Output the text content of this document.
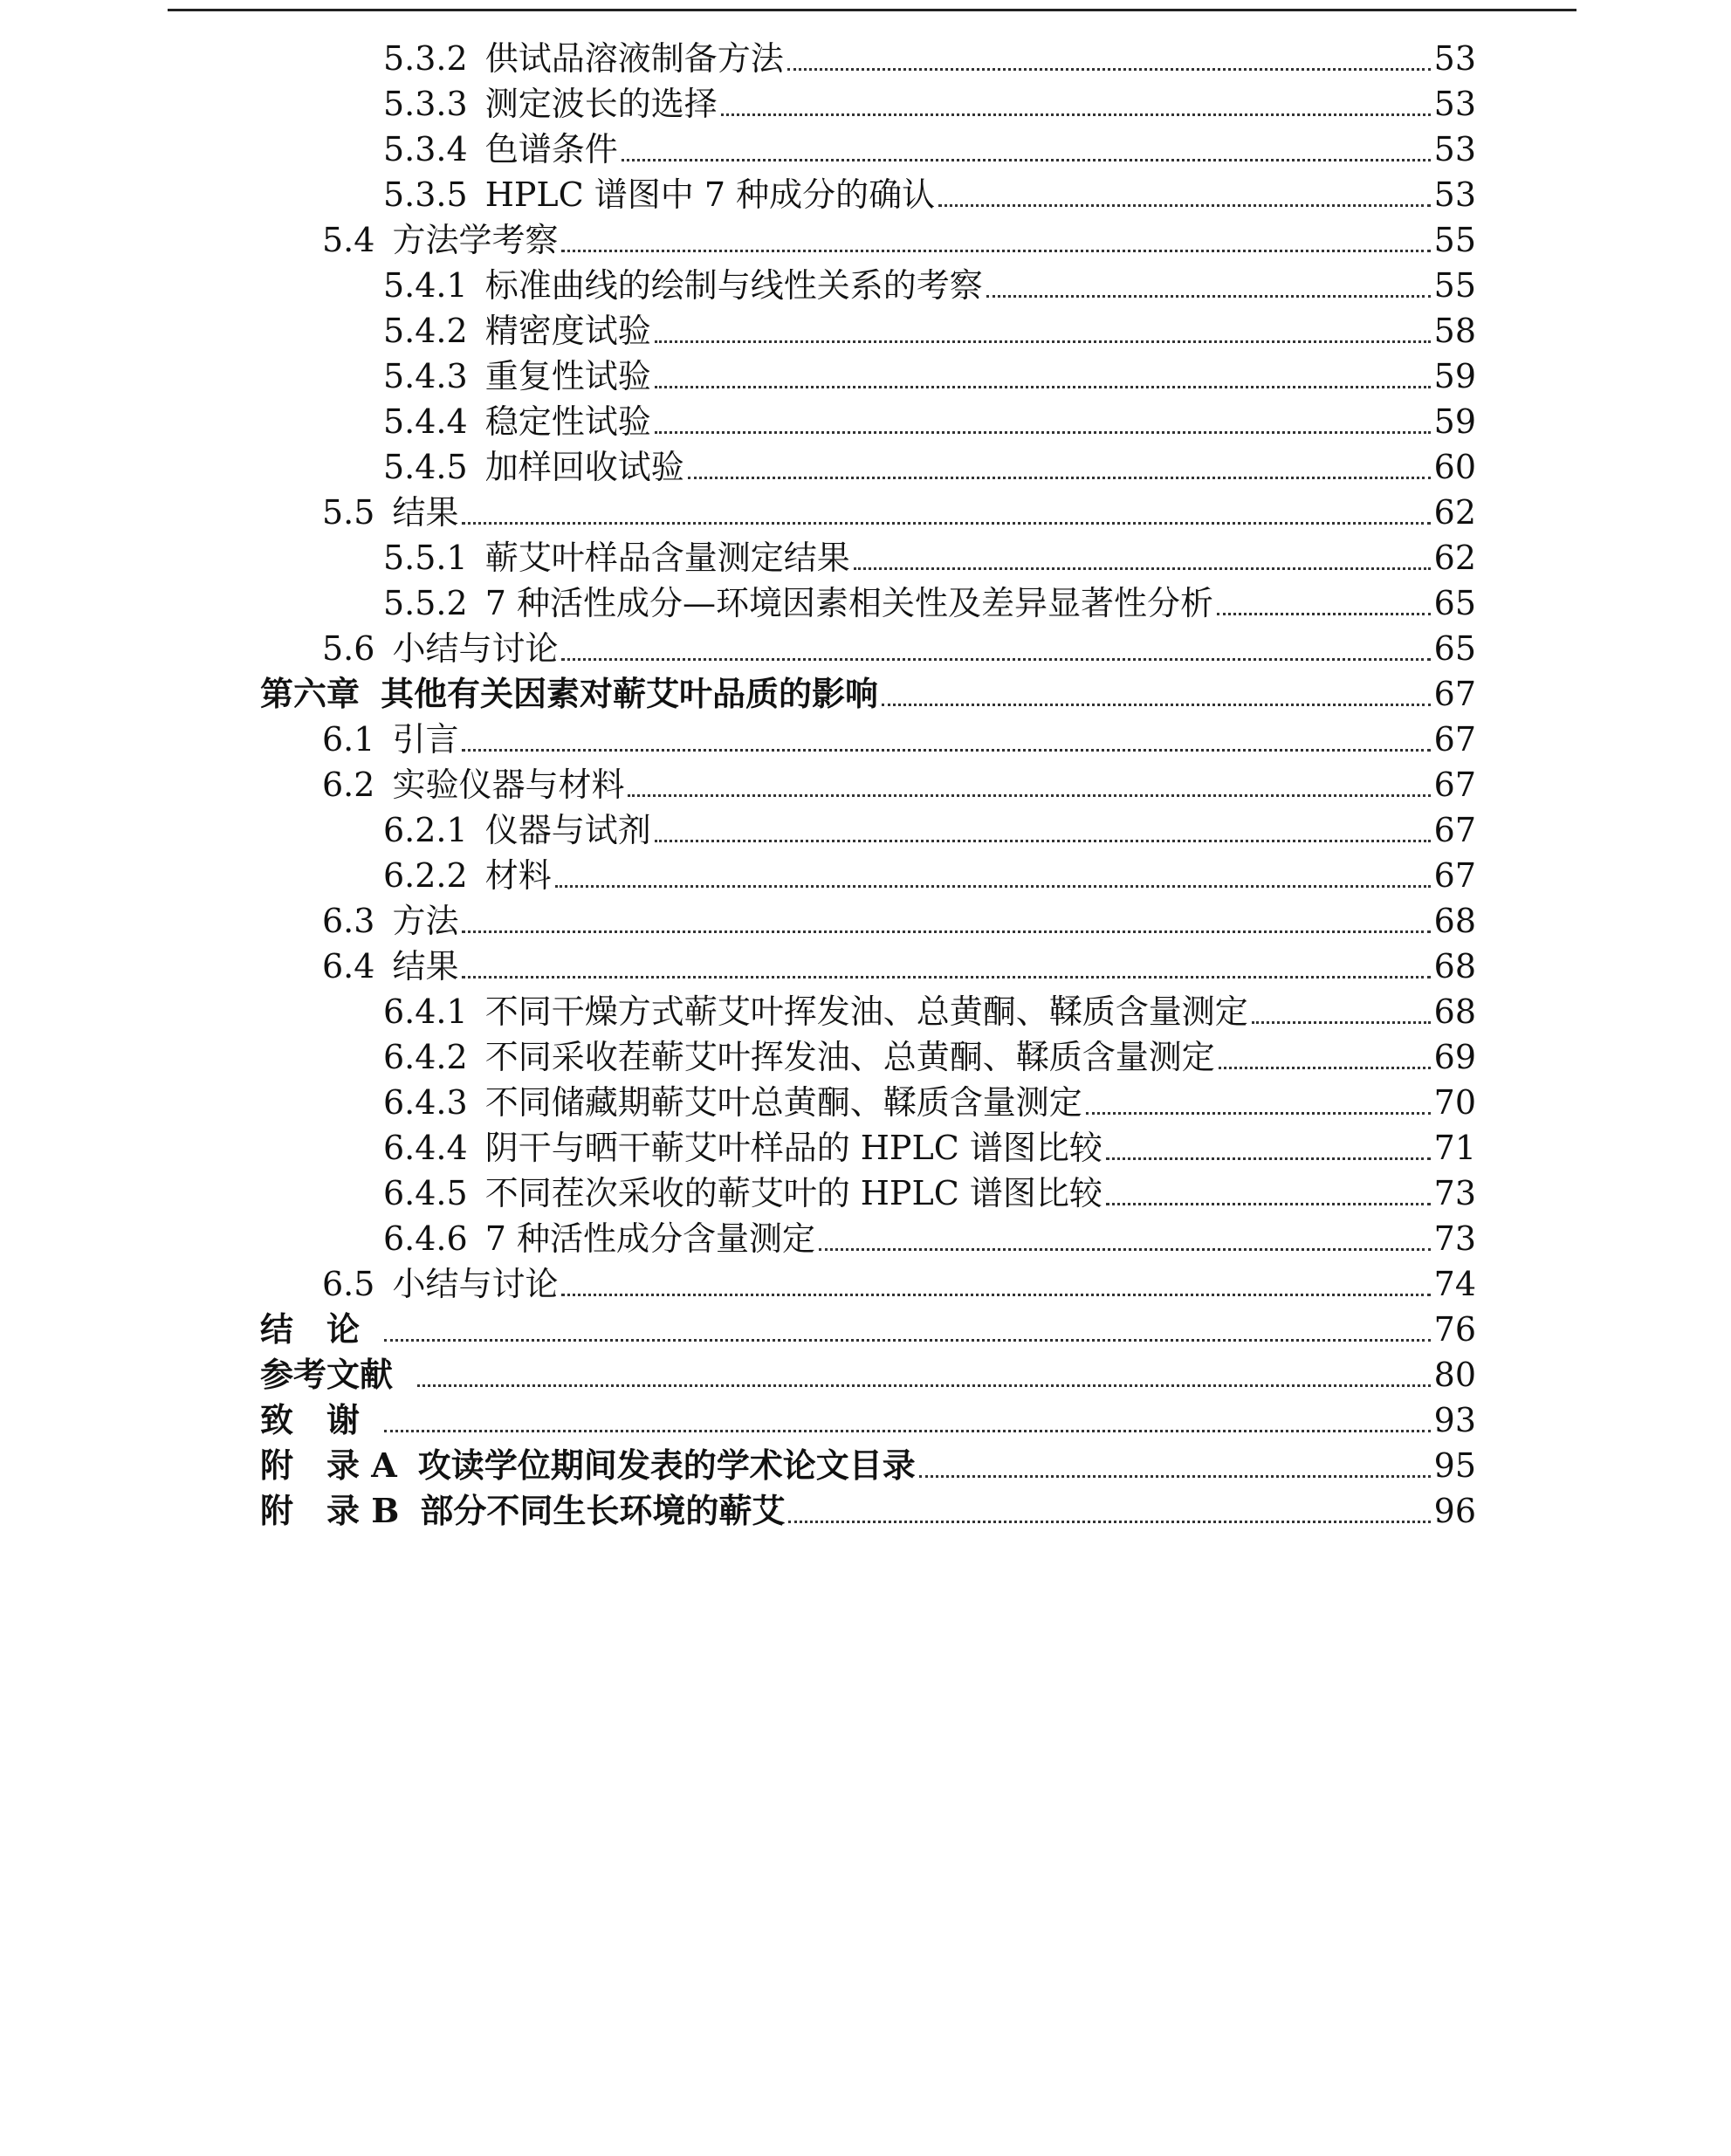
5.3.2 供试品溶液制备方法	53
5.3.3 测定波长的选择	53
5.3.4 色谱条件	53
5.3.5 HPLC 谱图中 7 种成分的确认	53
5.4 方法学考察	55
5.4.1 标准曲线的绘制与线性关系的考察	55
5.4.2 精密度试验	58
5.4.3 重复性试验	59
5.4.4 稳定性试验	59
5.4.5 加样回收试验	60
5.5 结果	62
5.5.1 蕲艾叶样品含量测定结果	62
5.5.2 7 种活性成分—环境因素相关性及差异显著性分析	65
5.6 小结与讨论	65
第六章 其他有关因素对蕲艾叶品质的影响	67
6.1 引言	67
6.2 实验仪器与材料	67
6.2.1 仪器与试剂	67
6.2.2 材料	67
6.3 方法	68
6.4 结果	68
6.4.1 不同干燥方式蕲艾叶挥发油、总黄酮、鞣质含量测定	68
6.4.2 不同采收茬蕲艾叶挥发油、总黄酮、鞣质含量测定	69
6.4.3 不同储藏期蕲艾叶总黄酮、鞣质含量测定	70
6.4.4 阴干与晒干蕲艾叶样品的 HPLC 谱图比较	71
6.4.5 不同茬次采收的蕲艾叶的 HPLC 谱图比较	73
6.4.6 7 种活性成分含量测定	73
6.5 小结与讨论	74
结　论	76
参考文献	80
致　谢	93
附　录 A 攻读学位期间发表的学术论文目录	95
附　录 B 部分不同生长环境的蕲艾	96
